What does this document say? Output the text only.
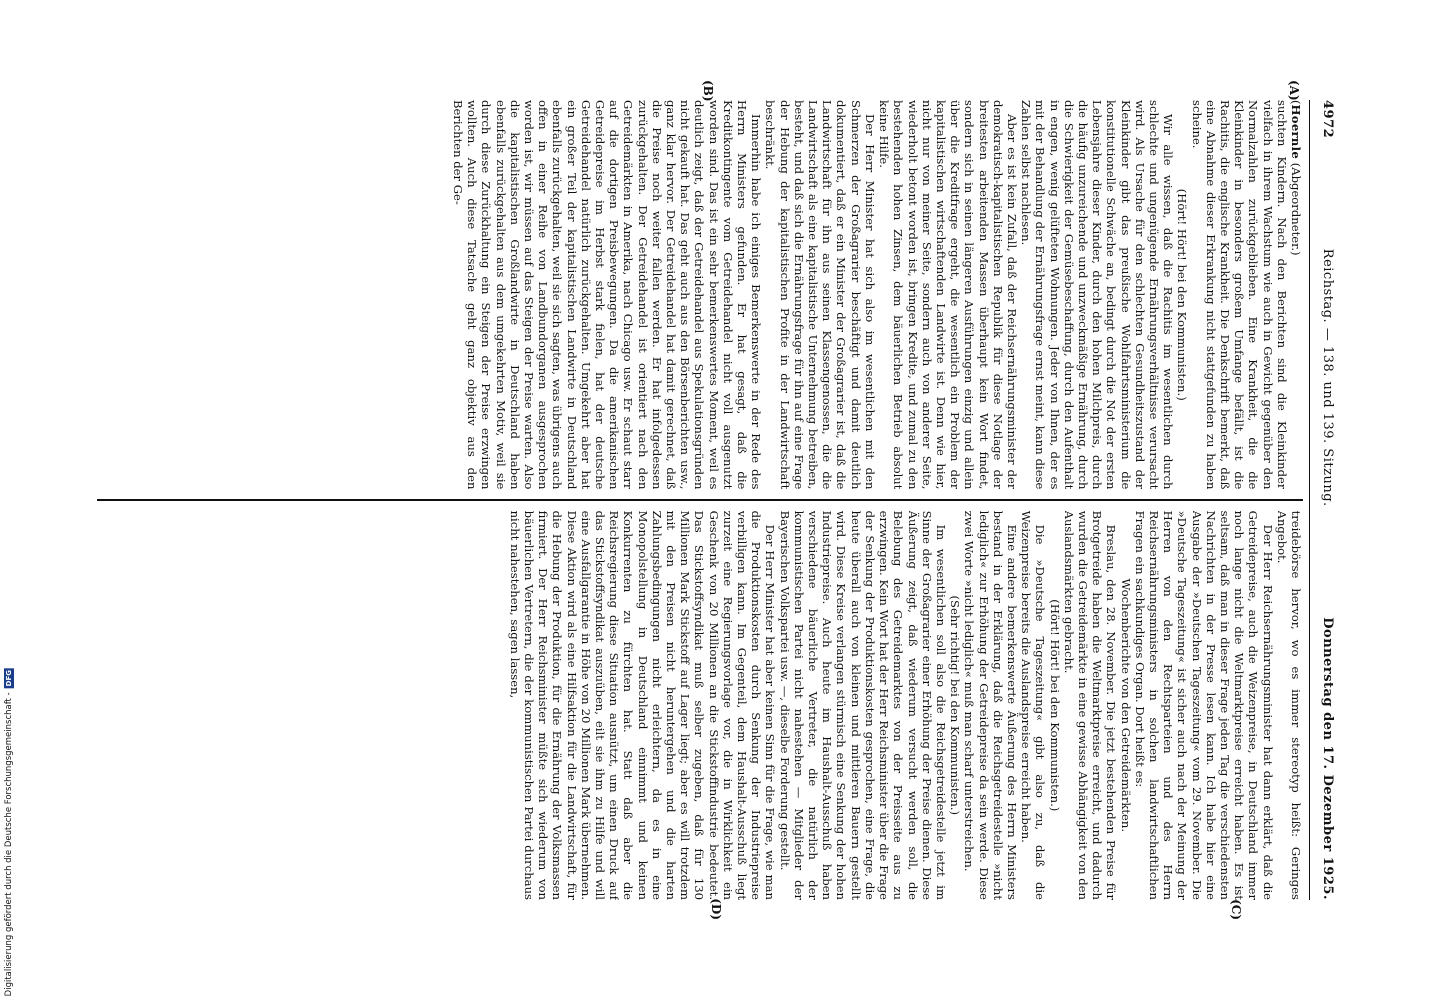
4972
Reichstag. — 138. und 139. Sitzung.
Donnerstag den 17. Dezember 1925.
(A)
(B)
(C)
(D)

(Hoernle (Abgeordneter.)

suchten Kindern. Nach den Berichten sind die Kleinkinder vielfach in ihrem Wachstum wie auch in Gewicht gegenüber den Normalzahlen zurückgeblieben. Eine Krankheit, die die Kleinkinder in besonders großem Umfange befällt, ist die Rachitis, die englische Krankheit. Die Denkschrift bemerkt, daß eine Abnahme dieser Erkrankung nicht stattgefunden zu haben scheine.

(Hört! Hört! bei den Kommunisten.)

Wir alle wissen, daß die Rachitis im wesentlichen durch schlechte und ungenügende Ernährungsverhältnisse verursacht wird. Als Ursache für den schlechten Gesundheitszustand der Kleinkinder gibt das preußische Wohlfahrtsministerium die konstitutionelle Schwäche an, bedingt durch die Not der ersten Lebensjahre dieser Kinder, durch den hohen Milchpreis, durch die häufig unzureichende und unzweckmäßige Ernährung, durch die Schwierigkeit der Gemüsebeschaffung, durch den Aufenthalt in engen, wenig gelüfteten Wohnungen. Jeder von Ihnen, der es mit der Behandlung der Ernährungsfrage ernst meint, kann diese Zahlen selbst nachlesen.

Aber es ist kein Zufall, daß der Reichsernährungsminister der demokratisch-kapitalistischen Republik für diese Notlage der breitesten arbeitenden Massen überhaupt kein Wort findet, sondern sich in seinen längeren Ausführungen einzig und allein über die Kreditfrage ergeht, die wesentlich ein Problem der kapitalistischen wirtschaftenden Landwirte ist. Denn wie hier, nicht nur von meiner Seite, sondern auch von anderer Seite, wiederholt betont worden ist, bringen Kredite, und zumal zu den bestehenden hohen Zinsen, dem bäuerlichen Betrieb absolut keine Hilfe.

Der Herr Minister hat sich also im wesentlichen mit den Schmerzen der Großagrarier beschäftigt und damit deutlich dokumentiert, daß er ein Minister der Großagrarier ist, daß die Landwirtschaft für ihn aus seinen Klassengenossen, die die Landwirtschaft als eine kapitalistische Unternehmung betreiben, besteht, und daß sich die Ernährungsfrage für ihn auf eine Frage der Hebung der kapitalistischen Profite in der Landwirtschaft beschränkt.

Immerhin habe ich einiges Bemerkenswerte in der Rede des Herrn Ministers gefunden. Er hat gesagt, daß die Kreditkontingente vom Getreidehandel nicht voll ausgenutzt worden sind. Das ist ein sehr bemerkenswertes Moment, weil es deutlich zeigt, daß der Getreidehandel aus Spekulationsgründen nicht gekauft hat. Das geht auch aus den Börsenberichten usw., ganz klar hervor. Der Getreidehandel hat damit gerechnet, daß die Preise noch weiter fallen werden. Er hat infolgedessen zurückgehalten. Der Getreidehandel ist orientiert nach den Getreidemärkten in Amerika, nach Chicago usw. Er schaut starr auf die dortigen Preisbewegungen. Da die amerikanischen Getreidepreise im Herbst stark fielen, hat der deutsche Getreidehandel natürlich zurückgehalten. Umgekehrt aber hat ein großer Teil der kapitalistischen Landwirte in Deutschland ebenfalls zurückgehalten, weil sie sich sagten, was übrigens auch offen in einer Reihe von Landbundorganen ausgesprochen worden ist, wir müssen auf das Steigen der Preise warten. Also die kapitalistischen Großlandwirte in Deutschland haben ebenfalls zurückgehalten aus dem umgekehrten Motiv, weil sie durch diese Zurückhaltung ein Steigen der Preise erzwingen wollten. Auch diese Tatsache geht ganz objektiv aus den Berichten der Ge-

treidebörse hervor, wo es immer stereotyp heißt: Geringes Angebot.

Der Herr Reichsernährungsminister hat dann erklärt, daß die Getreidepreise, auch die Weizenpreise, in Deutschland immer noch lange nicht die Weltmarktpreise erreicht haben. Es ist seltsam, daß man in dieser Frage jeden Tag die verschiedensten Nachrichten in der Presse lesen kann. Ich habe hier eine Ausgabe der »Deutschen Tageszeitung« vom 29. November. Die »Deutsche Tageszeitung« ist sicher auch nach der Meinung der Herren von den Rechtsparteien und des Herrn Reichsernährungsministers in solchen landwirtschaftlichen Fragen ein sachkundiges Organ. Dort heißt es:

Wochenberichte von den Getreidemärkten.

Breslau, den 28. November. Die jetzt bestehenden Preise für Brotgetreide haben die Weltmarktpreise erreicht, und dadurch wurden die Getreidemärkte in eine gewisse Abhängigkeit von den Auslandsmärkten gebracht.

(Hört! Hört! bei den Kommunisten.)

Die »Deutsche Tageszeitung« gibt also zu, daß die Weizenpreise bereits die Auslandspreise erreicht haben.

Eine andere bemerkenswerte Äußerung des Herrn Ministers bestand in der Erklärung, daß die Reichsgetreidestelle »nicht lediglich« zur Erhöhung der Getreidepreise da sein werde. Diese zwei Worte »nicht lediglich« muß man scharf unterstreichen.

(Sehr richtig! bei den Kommunisten.)

Im wesentlichen soll also die Reichsgetreidestelle jetzt im Sinne der Großagrarier einer Erhöhung der Preise dienen. Diese Äußerung zeigt, daß wiederum versucht werden soll, die Belebung des Getreidemarktes von der Preisseite aus zu erzwingen. Kein Wort hat der Herr Reichsminister über die Frage der Senkung der Produktionskosten gesprochen, eine Frage, die heute überall auch von kleinen und mittleren Bauern gestellt wird. Diese Kreise verlangen stürmisch eine Senkung der hohen Industriepreise. Auch heute im Haushalt-Ausschuß haben verschiedene bäuerliche Vertreter, die natürlich der kommunistischen Partei nicht nahestehen — Mitglieder der Bayerischen Volkspartei usw. —, dieselbe Forderung gestellt.

Der Herr Minister hat aber keinen Sinn für die Frage, wie man die Produktionskosten durch Senkung der Industriepreise verbilligen kann. Im Gegenteil, dem Haushalt-Ausschuß liegt zurzeit eine Regierungsvorlage vor, die in Wirklichkeit ein Geschenk von 20 Millionen an die Stickstoffindustrie bedeutet. Das Stickstoffsyndikat muß selber zugeben, daß für 130 Millionen Mark Stickstoff auf Lager liegt; aber es will trotzdem mit den Preisen nicht heruntergehen und die harten Zahlungsbedingungen nicht erleichtern, da es in eine Monopolstellung in Deutschland einnimmt und keinen Konkurrenten zu fürchten hat. Statt daß aber die Reichsregierung diese Situation ausnützt, um einen Druck auf das Stickstoffsyndikat auszuüben, eilt sie ihm zu Hilfe und will eine Ausfallgarantie in Höhe von 20 Millionen Mark übernehmen. Diese Aktion wird als eine Hilfsaktion für die Landwirtschaft, für die Hebung der Produktion, für die Ernährung der Volksmassen firmiert. Der Herr Reichsminister müßte sich wiederum von bäuerlichen Vertretern, die der kommunistischen Partei durchaus nicht nahestehen, sagen lassen,

Digitalisierung gefördert durch die Deutsche Forschungsgemeinschaft -
DFG
